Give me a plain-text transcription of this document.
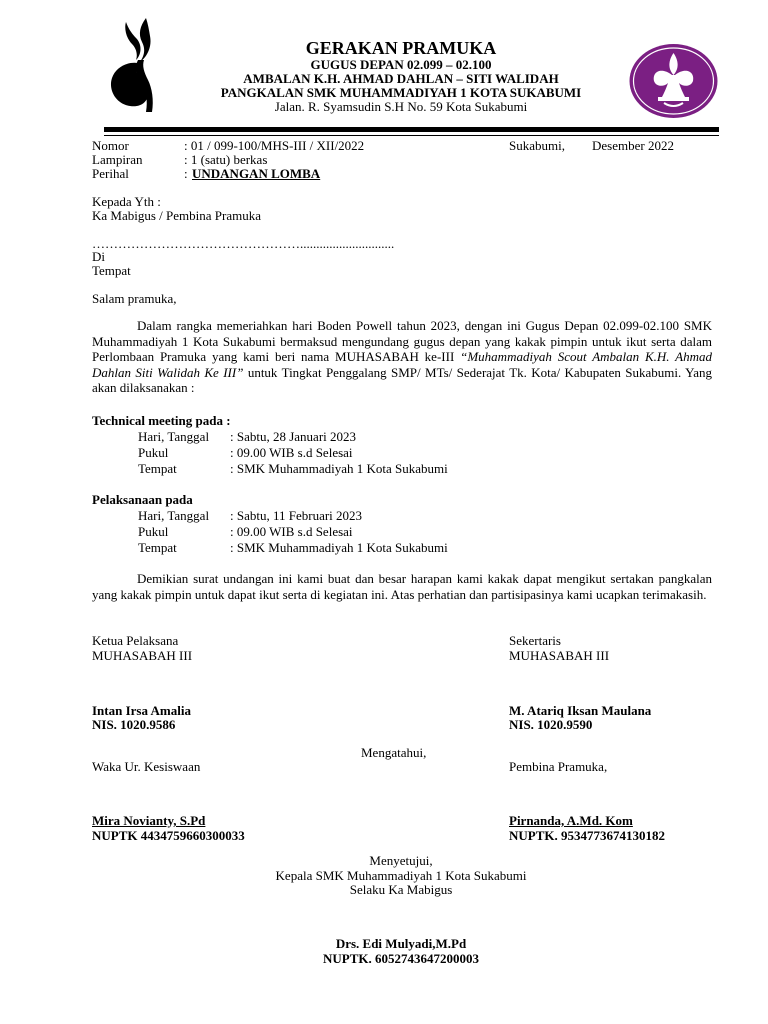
GERAKAN PRAMUKA
GUGUS DEPAN 02.099 – 02.100
AMBALAN K.H. AHMAD DAHLAN – SITI WALIDAH
PANGKALAN SMK MUHAMMADIYAH 1 KOTA SUKABUMI
Jalan. R. Syamsudin S.H No. 59 Kota Sukabumi
Nomor	: 01 / 099-100/MHS-III / XII/2022	Sukabumi, Desember 2022
Lampiran	: 1 (satu) berkas
Perihal	: UNDANGAN LOMBA
Kepada Yth :
Ka Mabigus / Pembina Pramuka
………………………………………….............................
Di
Tempat
Salam pramuka,
Dalam rangka memeriahkan hari Boden Powell tahun 2023, dengan ini Gugus Depan 02.099-02.100 SMK Muhammadiyah 1 Kota Sukabumi bermaksud mengundang gugus depan yang kakak pimpin untuk ikut serta dalam Perlombaan Pramuka yang kami beri nama MUHASABAH ke-III “Muhammadiyah Scout Ambalan K.H. Ahmad Dahlan Siti Walidah Ke III” untuk Tingkat Penggalang SMP/ MTs/ Sederajat Tk. Kota/ Kabupaten Sukabumi. Yang akan dilaksanakan :
Technical meeting pada :
Hari, Tanggal : Sabtu, 28 Januari 2023
Pukul	: 09.00 WIB s.d Selesai
Tempat	: SMK Muhammadiyah 1 Kota Sukabumi
Pelaksanaan pada
Hari, Tanggal : Sabtu, 11 Februari 2023
Pukul	: 09.00 WIB s.d Selesai
Tempat	: SMK Muhammadiyah 1 Kota Sukabumi
Demikian surat undangan ini kami buat dan besar harapan kami kakak dapat mengikut sertakan pangkalan yang kakak pimpin untuk dapat ikut serta di kegiatan ini. Atas perhatian dan partisipasinya kami ucapkan terimakasih.
Ketua Pelaksana
MUHASABAH III
Intan Irsa Amalia
NIS. 1020.9586
Sekertaris
MUHASABAH III
M. Atariq Iksan Maulana
NIS. 1020.9590
Mengatahui,
Waka Ur. Kesiswaan	Pembina Pramuka,
Mira Novianty, S.Pd
NUPTK 4434759660300033
Pirnanda, A.Md. Kom
NUPTK. 9534773674130182
Menyetujui,
Kepala SMK Muhammadiyah 1 Kota Sukabumi
Selaku Ka Mabigus
Drs. Edi Mulyadi,M.Pd
NUPTK. 6052743647200003
